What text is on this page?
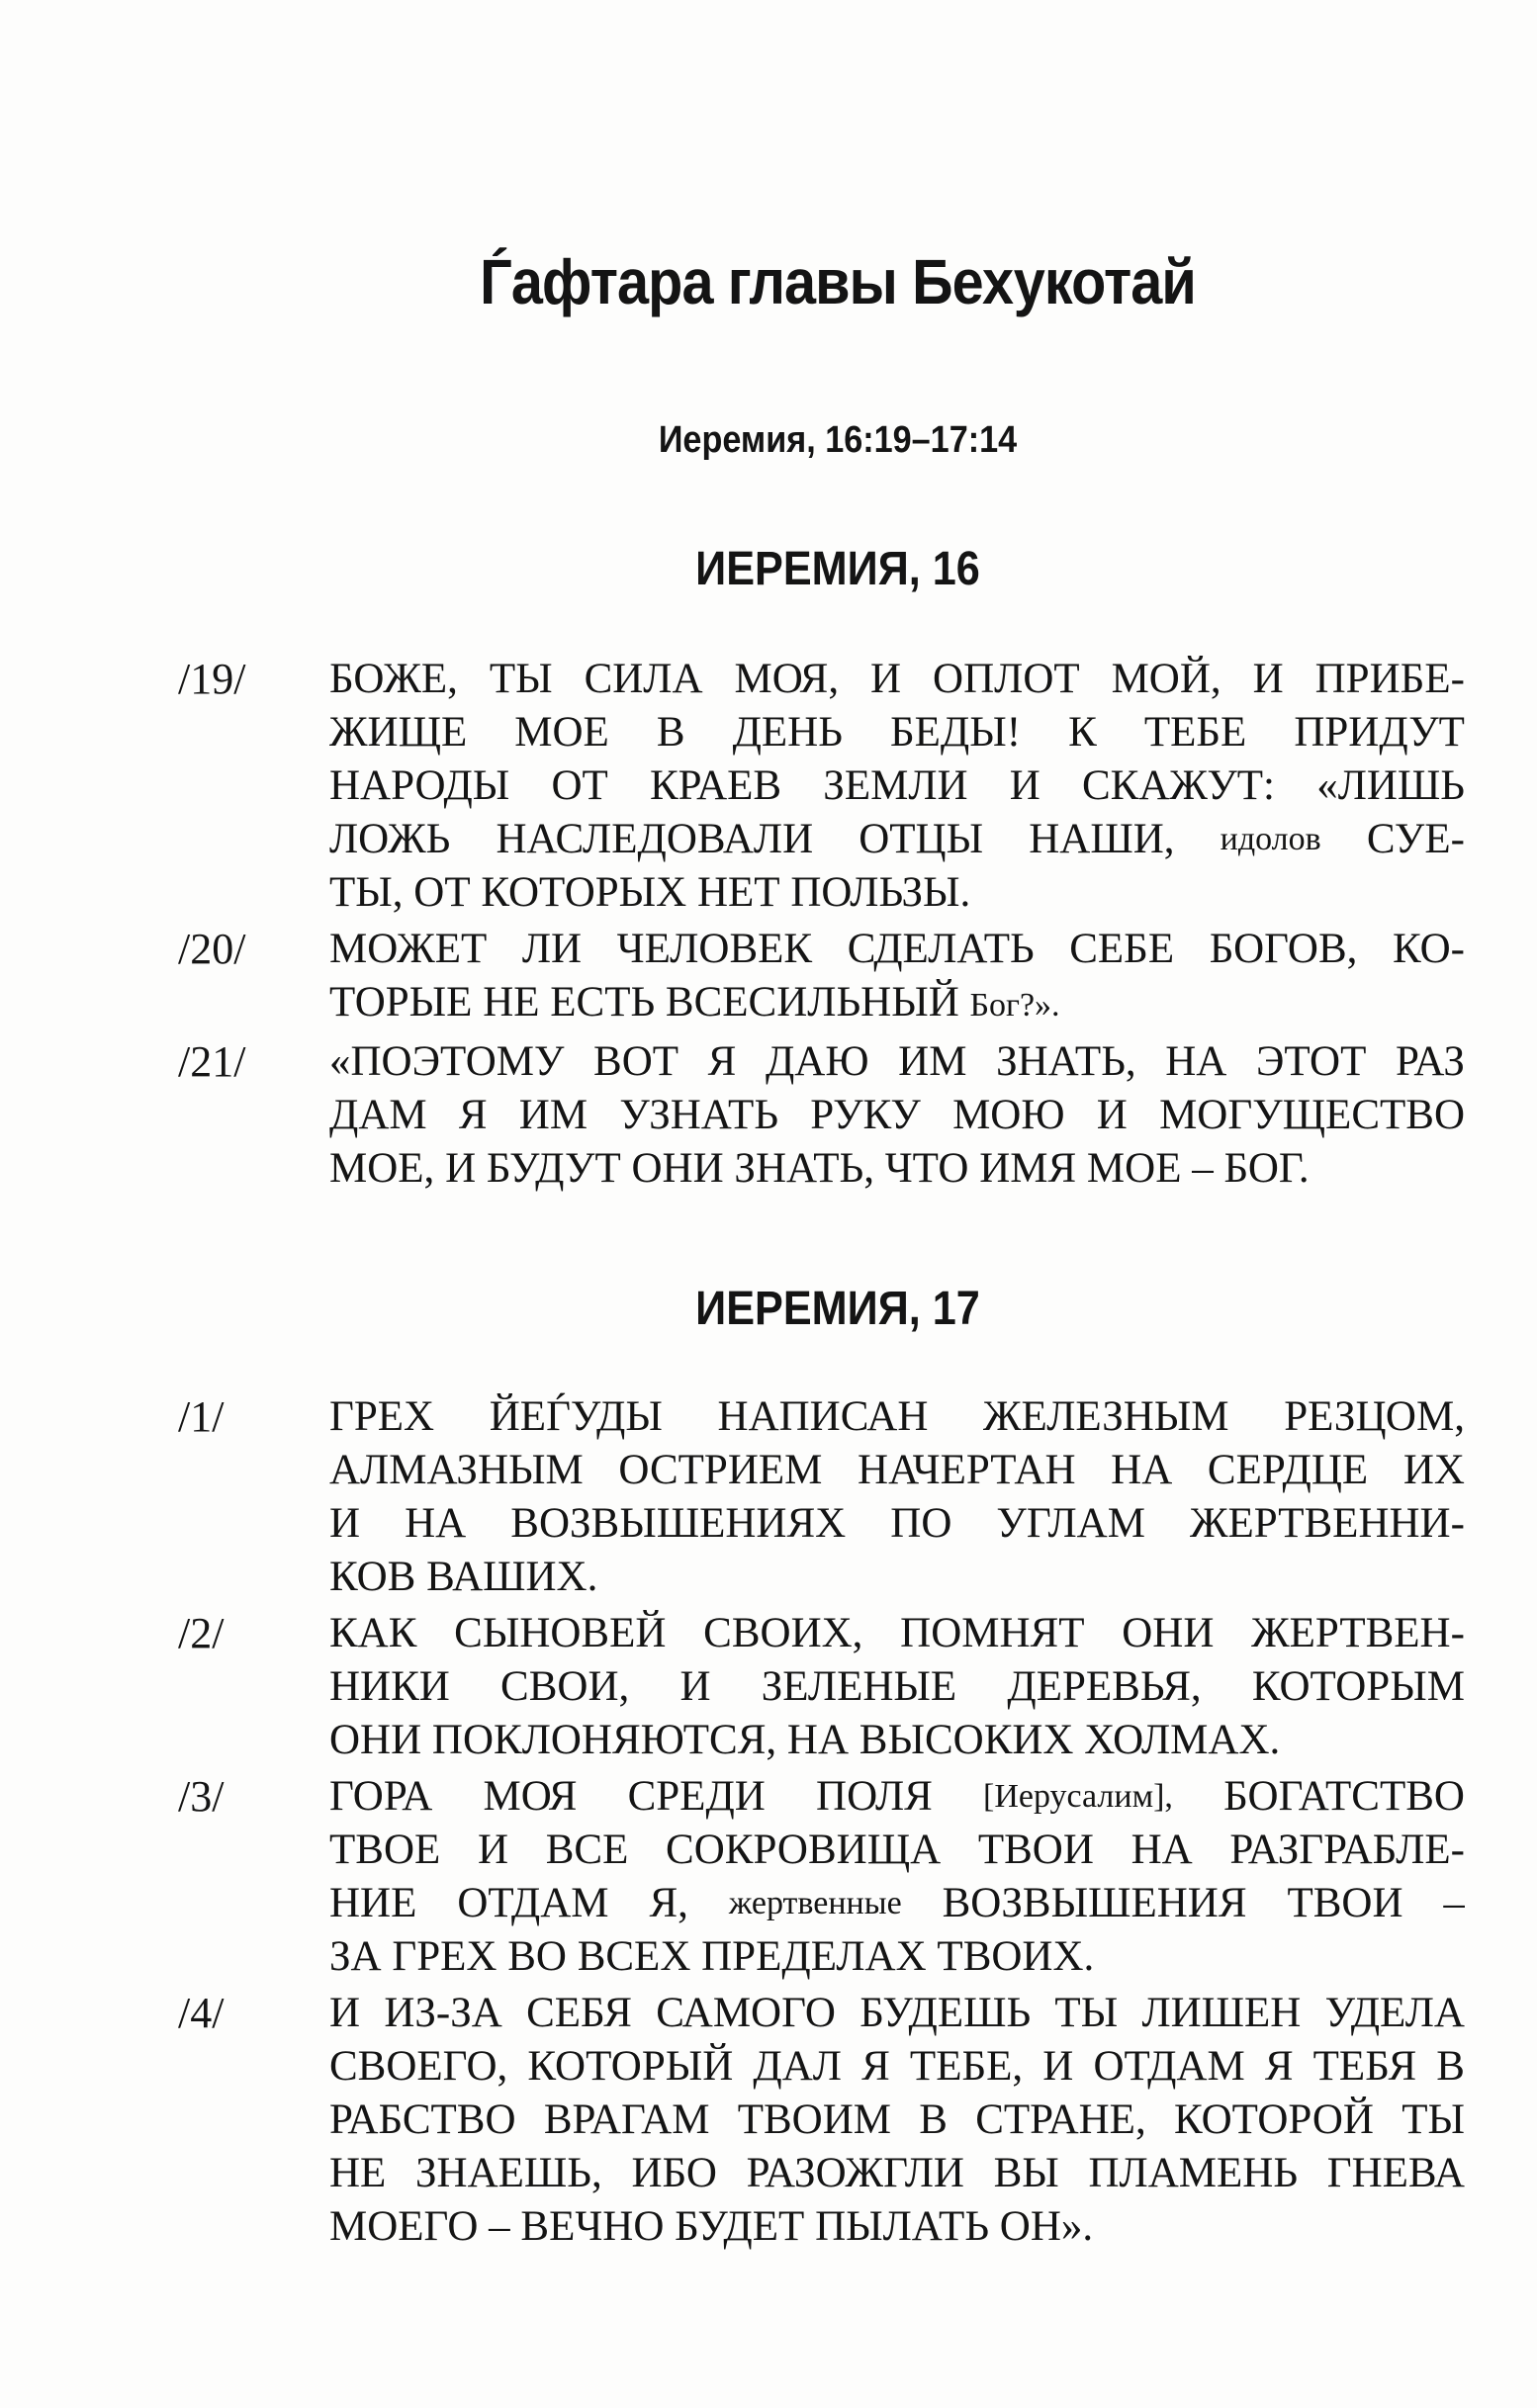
Ѓафтара главы Бехукотай
Иеремия, 16:19–17:14
ИЕРЕМИЯ, 16
/19/	БОЖЕ, ТЫ СИЛА МОЯ, И ОПЛОТ МОЙ, И ПРИБЕ-
ЖИЩЕ МОЕ В ДЕНЬ БЕДЫ! К ТЕБЕ ПРИДУТ
НАРОДЫ ОТ КРАЕВ ЗЕМЛИ И СКАЖУТ: «ЛИШЬ
ЛОЖЬ НАСЛЕДОВАЛИ ОТЦЫ НАШИ, идолов СУЕ-
ТЫ, ОТ КОТОРЫХ НЕТ ПОЛЬЗЫ.
/20/	МОЖЕТ ЛИ ЧЕЛОВЕК СДЕЛАТЬ СЕБЕ БОГОВ, КО-
ТОРЫЕ НЕ ЕСТЬ ВСЕСИЛЬНЫЙ Бог?».
/21/	«ПОЭТОМУ ВОТ Я ДАЮ ИМ ЗНАТЬ, НА ЭТОТ РАЗ
ДАМ Я ИМ УЗНАТЬ РУКУ МОЮ И МОГУЩЕСТВО
МОЕ, И БУДУТ ОНИ ЗНАТЬ, ЧТО ИМЯ МОЕ – БОГ.
ИЕРЕМИЯ, 17
/1/	ГРЕХ ЙЕЃУДЫ НАПИСАН ЖЕЛЕЗНЫМ РЕЗЦОМ,
АЛМАЗНЫМ ОСТРИЕМ НАЧЕРТАН НА СЕРДЦЕ ИХ
И НА ВОЗВЫШЕНИЯХ ПО УГЛАМ ЖЕРТВЕННИ-
КОВ ВАШИХ.
/2/	КАК СЫНОВЕЙ СВОИХ, ПОМНЯТ ОНИ ЖЕРТВЕН-
НИКИ СВОИ, И ЗЕЛЕНЫЕ ДЕРЕВЬЯ, КОТОРЫМ
ОНИ ПОКЛОНЯЮТСЯ, НА ВЫСОКИХ ХОЛМАХ.
/3/	ГОРА МОЯ СРЕДИ ПОЛЯ [Иерусалим], БОГАТСТВО
ТВОЕ И ВСЕ СОКРОВИЩА ТВОИ НА РАЗГРАБЛЕ-
НИЕ ОТДАМ Я, жертвенные ВОЗВЫШЕНИЯ ТВОИ –
ЗА ГРЕХ ВО ВСЕХ ПРЕДЕЛАХ ТВОИХ.
/4/	И ИЗ-ЗА СЕБЯ САМОГО БУДЕШЬ ТЫ ЛИШЕН УДЕЛА
СВОЕГО, КОТОРЫЙ ДАЛ Я ТЕБЕ, И ОТДАМ Я ТЕБЯ В
РАБСТВО ВРАГАМ ТВОИМ В СТРАНЕ, КОТОРОЙ ТЫ
НЕ ЗНАЕШЬ, ИБО РАЗОЖГЛИ ВЫ ПЛАМЕНЬ ГНЕВА
МОЕГО – ВЕЧНО БУДЕТ ПЫЛАТЬ ОН».
